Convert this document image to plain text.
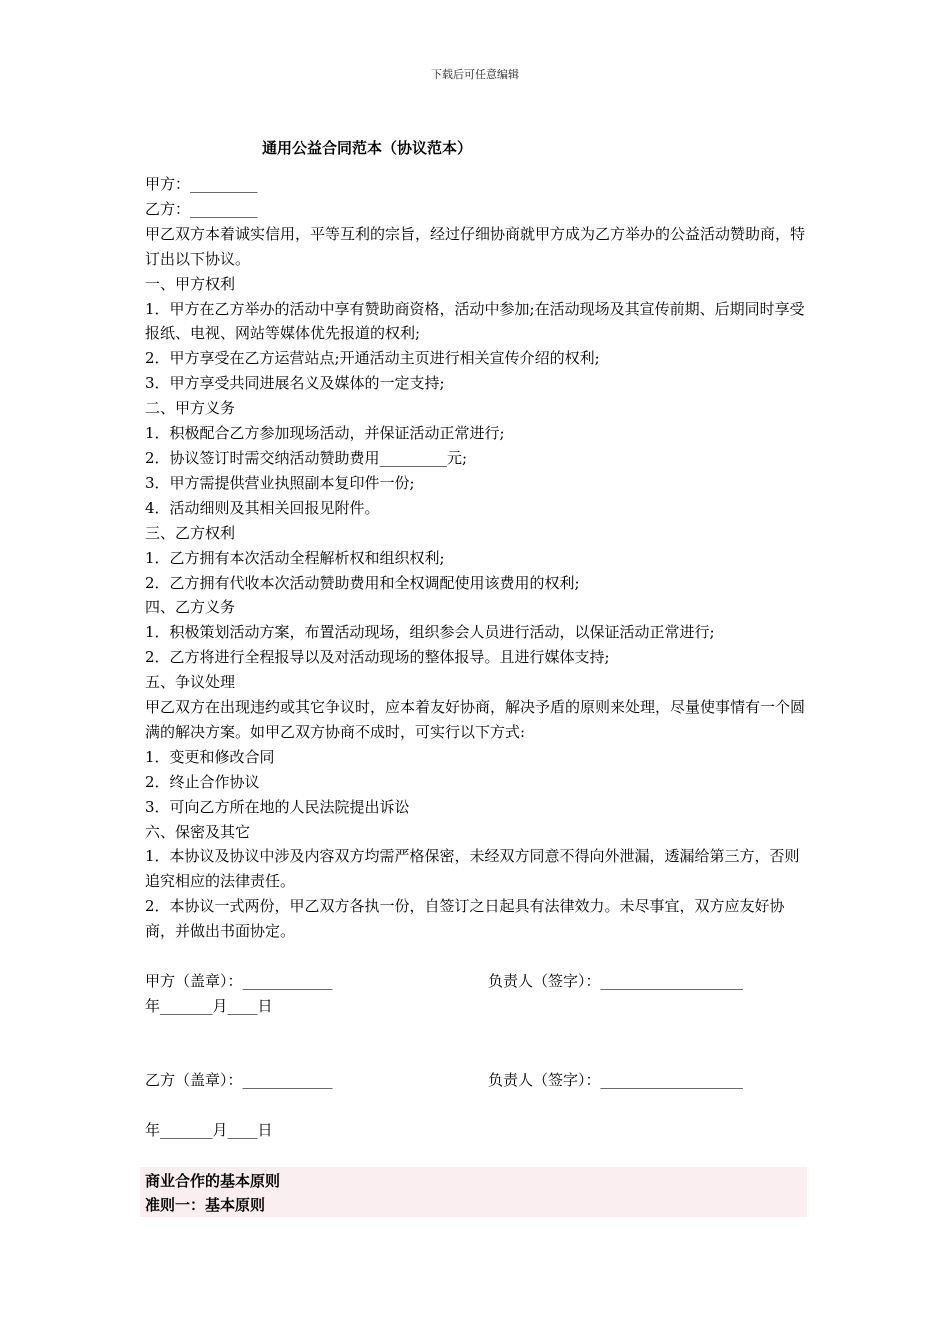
下载后可任意编辑
通用公益合同范本（协议范本）

甲方：_________

乙方：_________

甲乙双方本着诚实信用，平等互利的宗旨，经过仔细协商就甲方成为乙方举办的公益活动赞助商，特订出以下协议。

一、甲方权利

1．甲方在乙方举办的活动中享有赞助商资格，活动中参加;在活动现场及其宣传前期、后期同时享受报纸、电视、网站等媒体优先报道的权利;

2．甲方享受在乙方运营站点;开通活动主页进行相关宣传介绍的权利;

3．甲方享受共同进展名义及媒体的一定支持;

二、甲方义务

1．积极配合乙方参加现场活动，并保证活动正常进行;

2．协议签订时需交纳活动赞助费用_________元;

3．甲方需提供营业执照副本复印件一份;

4．活动细则及其相关回报见附件。

三、乙方权利

1．乙方拥有本次活动全程解析权和组织权利;

2．乙方拥有代收本次活动赞助费用和全权调配使用该费用的权利;

四、乙方义务

1．积极策划活动方案，布置活动现场，组织参会人员进行活动，以保证活动正常进行;

2．乙方将进行全程报导以及对活动现场的整体报导。且进行媒体支持;

五、争议处理

甲乙双方在出现违约或其它争议时，应本着友好协商，解决予盾的原则来处理，尽量使事情有一个圆满的解决方案。如甲乙双方协商不成时，可实行以下方式:

1．变更和修改合同

2．终止合作协议

3．可向乙方所在地的人民法院提出诉讼

六、保密及其它

1．本协议及协议中涉及内容双方均需严格保密，未经双方同意不得向外泄漏，透漏给第三方，否则追究相应的法律责任。

2．本协议一式两份，甲乙双方各执一份，自签订之日起具有法律效力。未尽事宜，双方应友好协商，并做出书面协定。

甲方（盖章）：____________	负责人（签字）：___________________
年_______月____日
乙方（盖章）：____________	负责人（签字）：___________________
年_______月____日
商业合作的基本原则
准则一：基本原则
